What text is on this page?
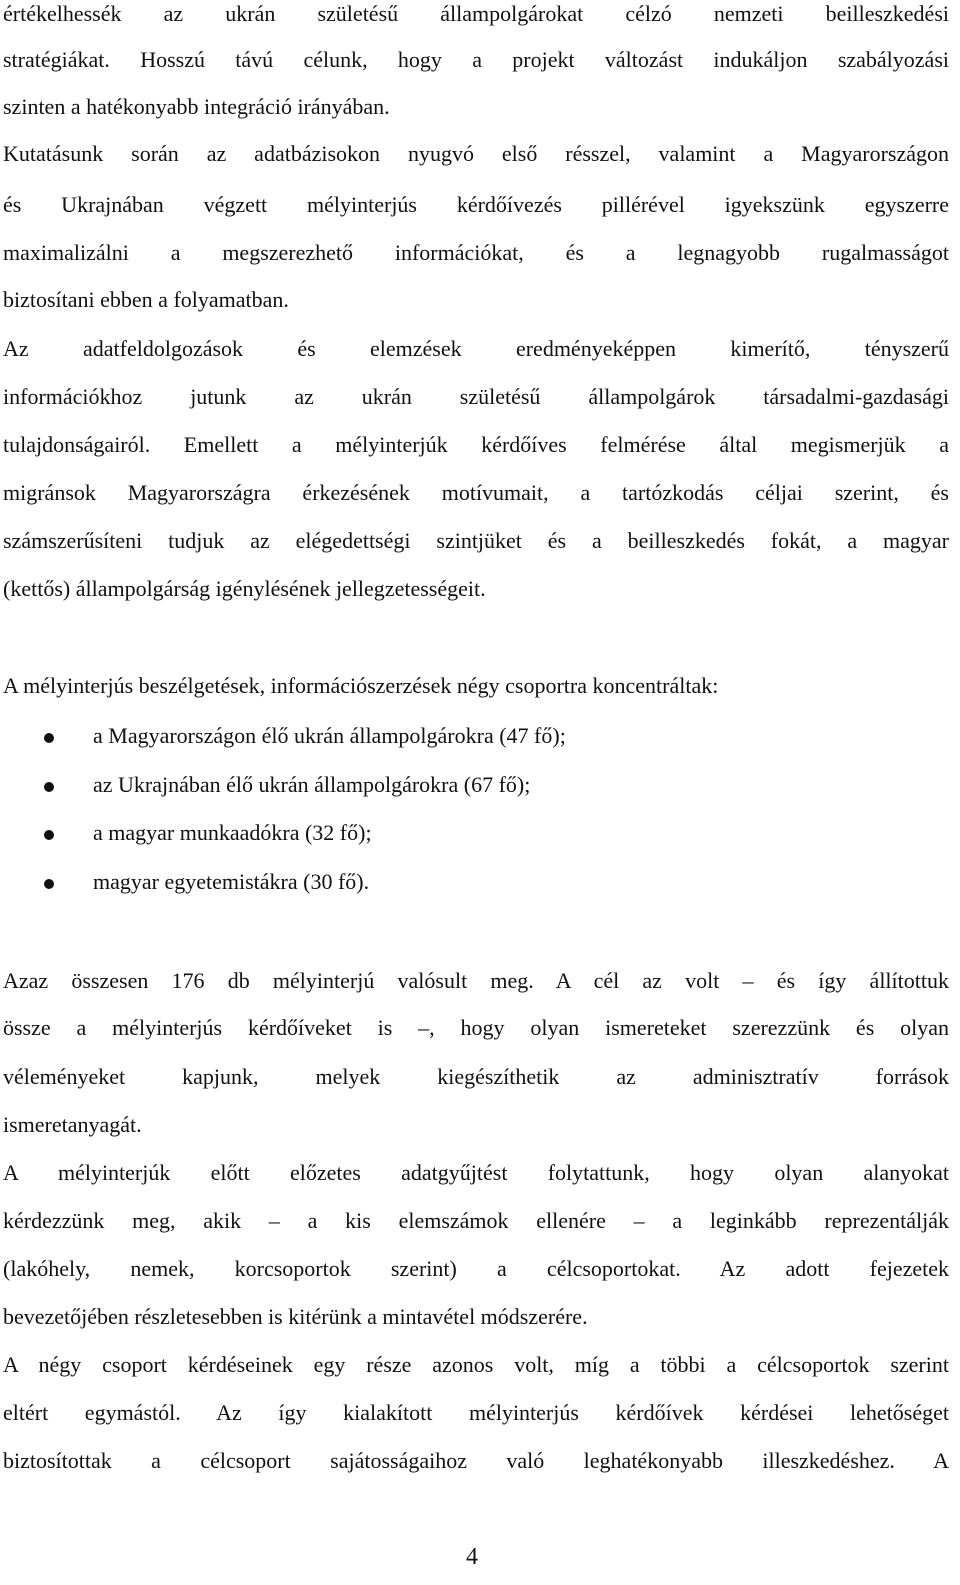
értékelhessék az ukrán születésű állampolgárokat célzó nemzeti beilleszkedési
stratégiákat. Hosszú távú célunk, hogy a projekt változást indukáljon szabályozási
szinten a hatékonyabb integráció irányában.
Kutatásunk során az adatbázisokon nyugvó első résszel, valamint a Magyarországon
és Ukrajnában végzett mélyinterjús kérdőívezés pillérével igyekszünk egyszerre
maximalizálni a megszerezhető információkat, és a legnagyobb rugalmasságot
biztosítani ebben a folyamatban.
Az adatfeldolgozások és elemzések eredményeképpen kimerítő, tényszerű
információkhoz jutunk az ukrán születésű állampolgárok társadalmi-gazdasági
tulajdonságairól. Emellett a mélyinterjúk kérdőíves felmérése által megismerjük a
migránsok Magyarországra érkezésének motívumait, a tartózkodás céljai szerint, és
számszerűsíteni tudjuk az elégedettségi szintjüket és a beilleszkedés fokát, a magyar
(kettős) állampolgárság igénylésének jellegzetességeit.
A mélyinterjús beszélgetések, információszerzések négy csoportra koncentráltak:
a Magyarországon élő ukrán állampolgárokra (47 fő);
az Ukrajnában élő ukrán állampolgárokra (67 fő);
a magyar munkaadókra (32 fő);
magyar egyetemistákra (30 fő).
Azaz összesen 176 db mélyinterjú valósult meg. A cél az volt – és így állítottuk
össze a mélyinterjús kérdőíveket is –, hogy olyan ismereteket szerezzünk és olyan
véleményeket kapjunk, melyek kiegészíthetik az adminisztratív források
ismeretanyagát.
A mélyinterjúk előtt előzetes adatgyűjtést folytattunk, hogy olyan alanyokat
kérdezzünk meg, akik – a kis elemszámok ellenére – a leginkább reprezentálják
(lakóhely, nemek, korcsoportok szerint) a célcsoportokat. Az adott fejezetek
bevezetőjében részletesebben is kitérünk a mintavétel módszerére.
A négy csoport kérdéseinek egy része azonos volt, míg a többi a célcsoportok szerint
eltért egymástól. Az így kialakított mélyinterjús kérdőívek kérdései lehetőséget
biztosítottak a célcsoport sajátosságaihoz való leghatékonyabb illeszkedéshez. A
4
